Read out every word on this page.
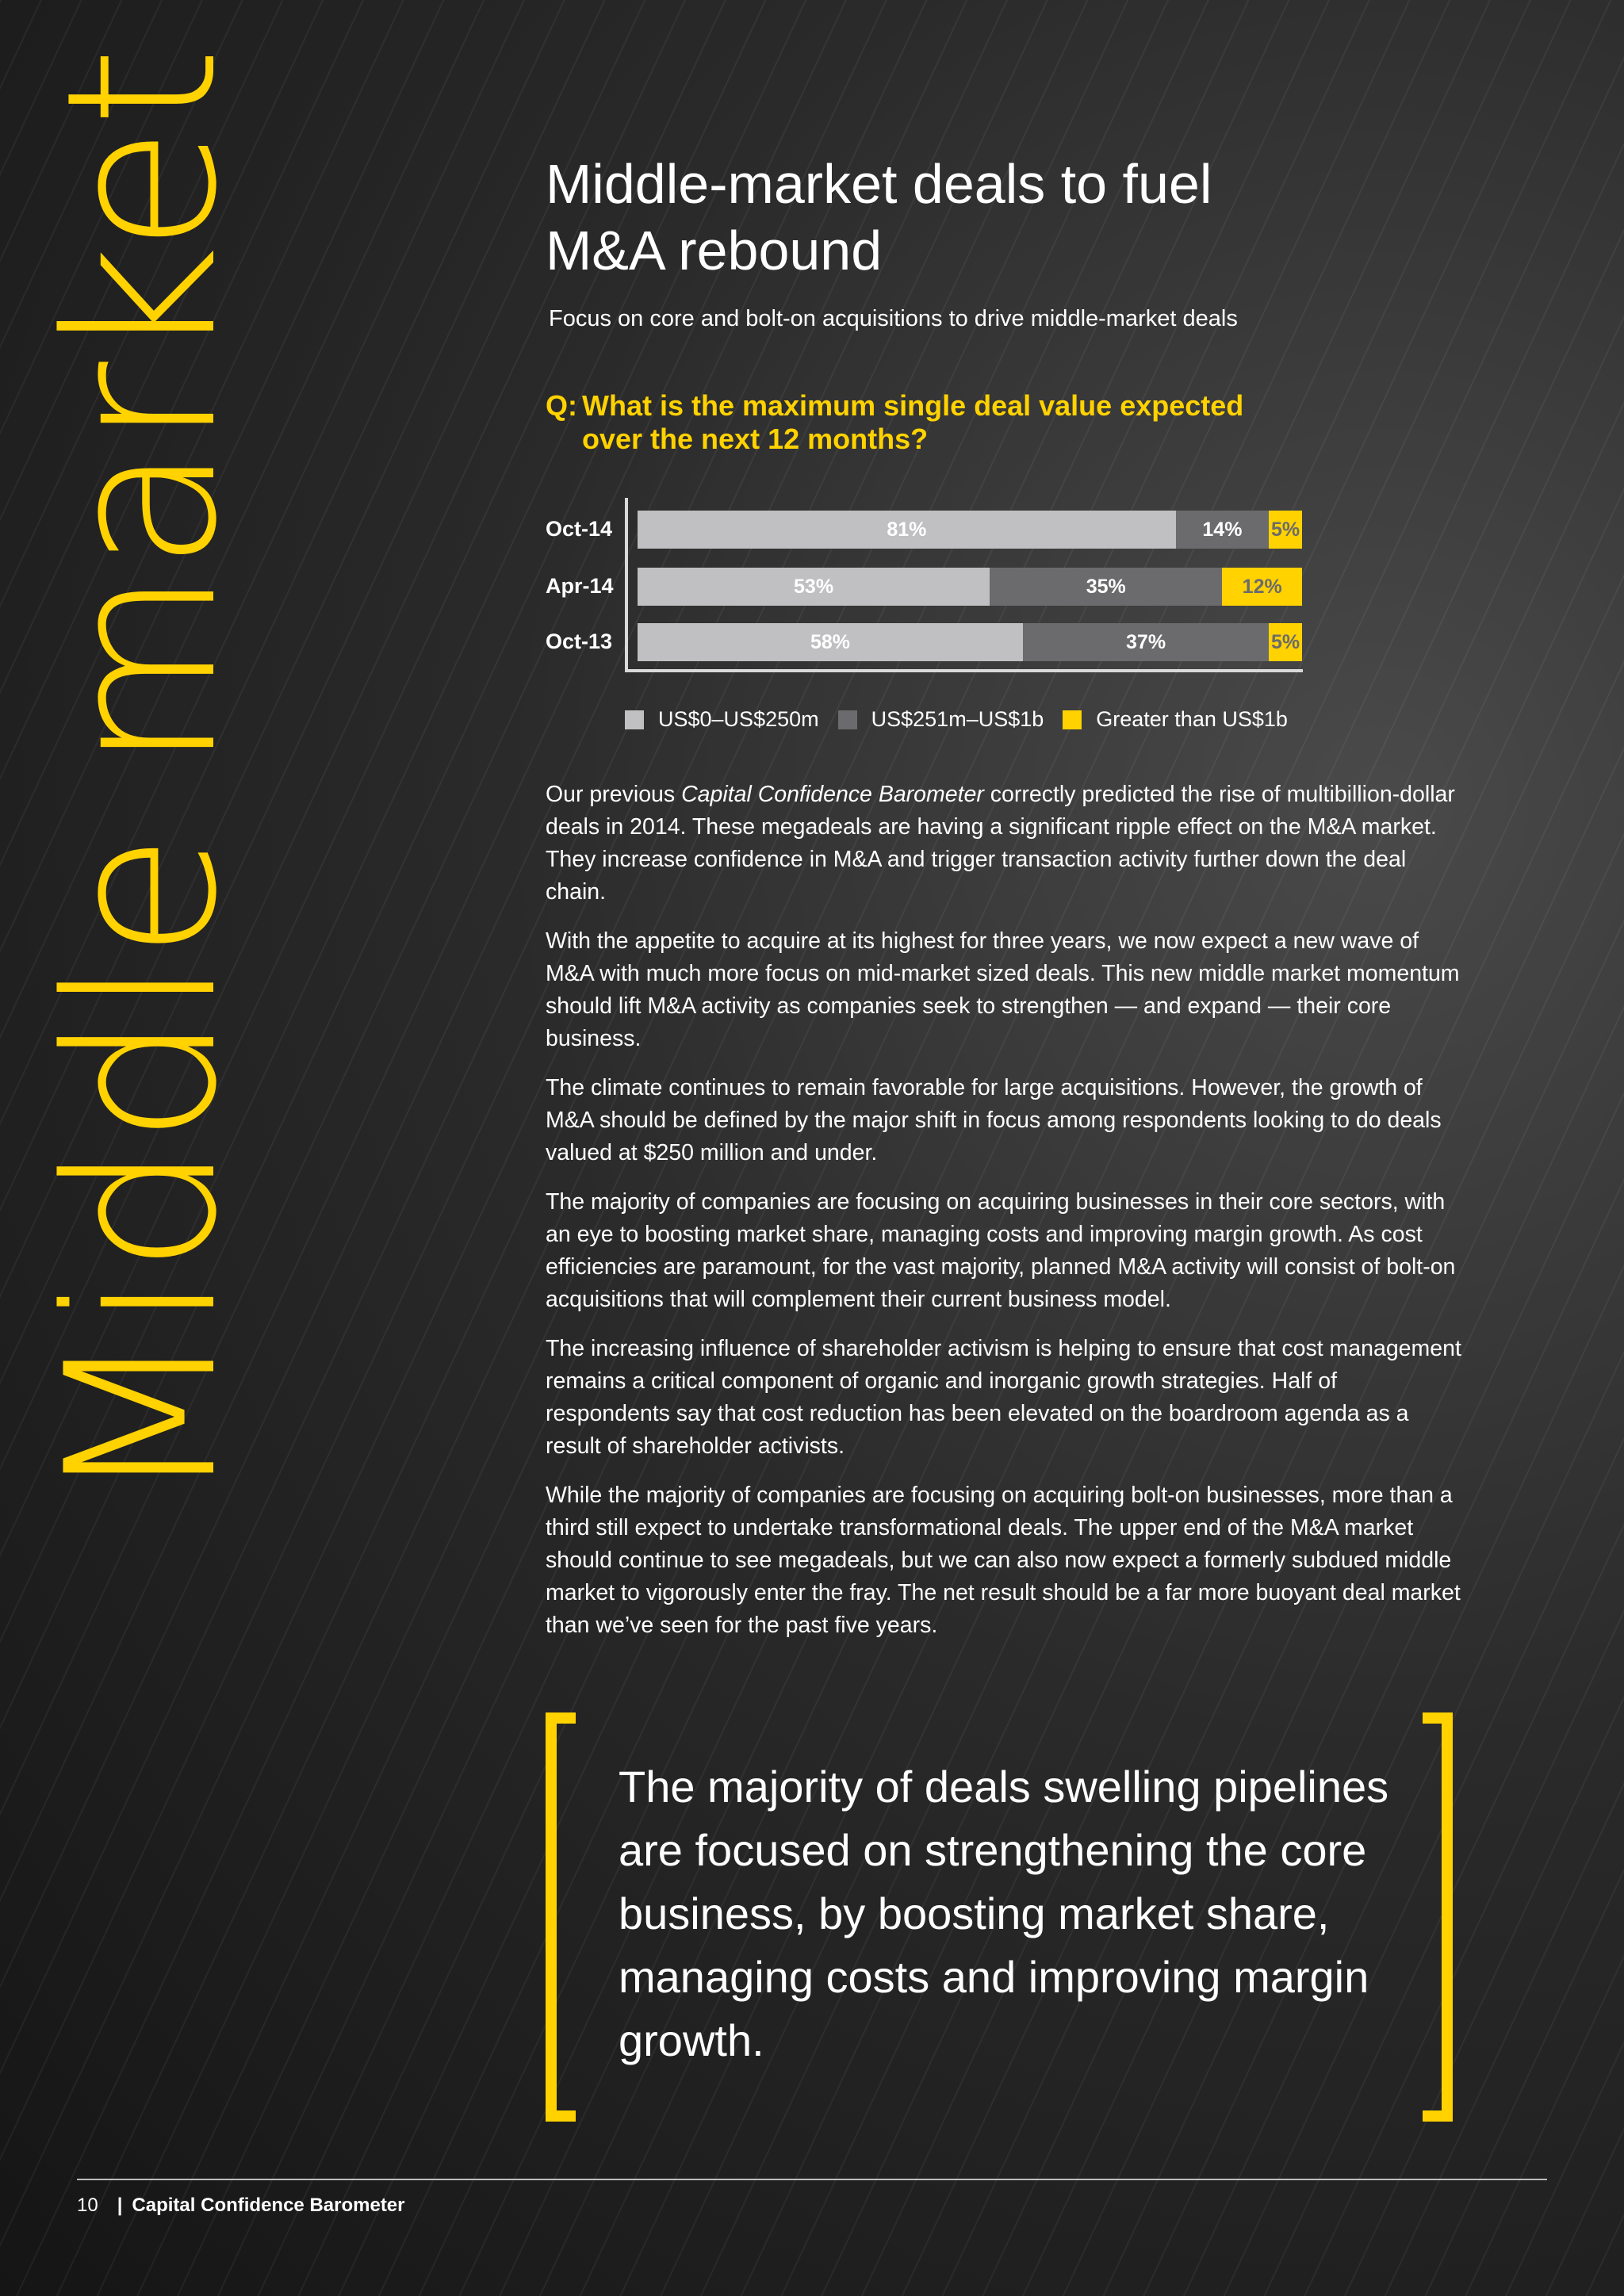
Middle market	Middle-market deals to fuel M&A rebound
Focus on core and bolt-on acquisitions to drive middle-market deals
Q: What is the maximum single deal value expected over the next 12 months?
Oct-14	81%	14% 5%
Apr-14	53%	35%	12%
Oct-13	58%	37%	5%
US$0–US$250m US$251m–US$1b Greater than US$1b

Our previous Capital Confidence Barometer correctly predicted the rise of multibillion-dollar deals in 2014. These megadeals are having a significant ripple effect on the M&A market. They increase confidence in M&A and trigger transaction activity further down the deal chain.

With the appetite to acquire at its highest for three years, we now expect a new wave of M&A with much more focus on mid-market sized deals. This new middle market momentum should lift M&A activity as companies seek to strengthen — and expand — their core business.

The climate continues to remain favorable for large acquisitions. However, the growth of M&A should be defined by the major shift in focus among respondents looking to do deals valued at $250 million and under.

The majority of companies are focusing on acquiring businesses in their core sectors, with an eye to boosting market share, managing costs and improving margin growth. As cost efficiencies are paramount, for the vast majority, planned M&A activity will consist of bolt-on acquisitions that will complement their current business model.

The increasing influence of shareholder activism is helping to ensure that cost management remains a critical component of organic and inorganic growth strategies. Half of respondents say that cost reduction has been elevated on the boardroom agenda as a result of shareholder activists.

While the majority of companies are focusing on acquiring bolt-on businesses, more than a third still expect to undertake transformational deals. The upper end of the M&A market should continue to see megadeals, but we can also now expect a formerly subdued middle market to vigorously enter the fray. The net result should be a far more buoyant deal market than we’ve seen for the past five years.

The majority of deals swelling pipelines are focused on strengthening the core business, by boosting market share, managing costs and improving margin growth.
10 | Capital Confidence Barometer
